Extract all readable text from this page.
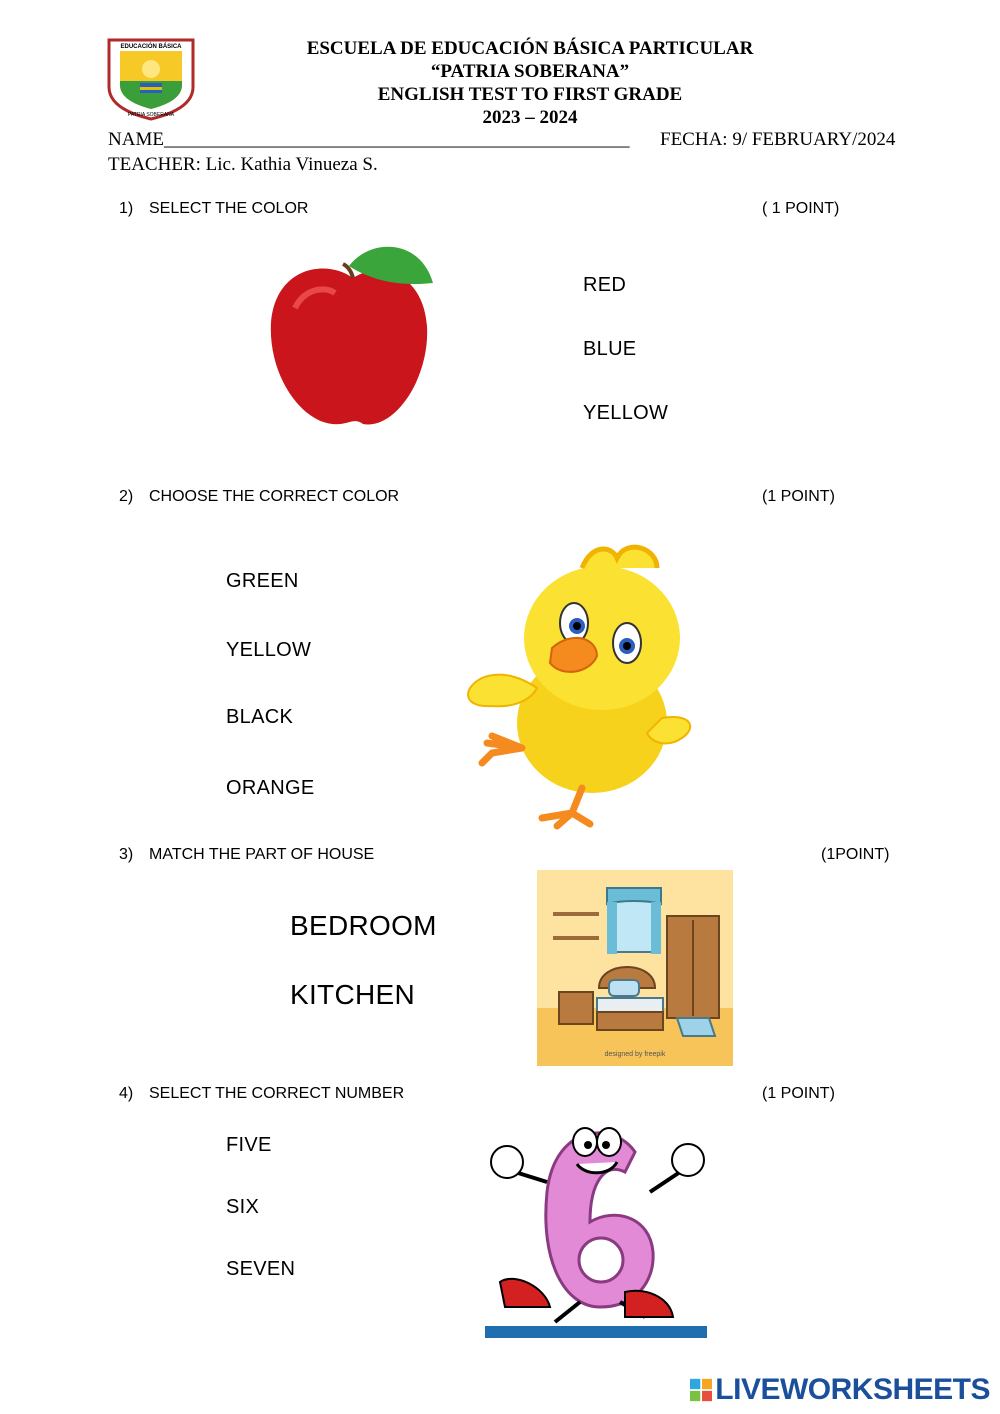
EDUCACIÓN BÁSICA
PATRIA SOBERANA
ESCUELA DE EDUCACIÓN BÁSICA PARTICULAR
“PATRIA SOBERANA”
ENGLISH TEST TO FIRST GRADE
2023 – 2024
NAME_________________________________________________ FECHA: 9/ FEBRUARY/2024
TEACHER: Lic. Kathia Vinueza S.
1) SELECT THE COLOR	( 1 POINT)
RED
BLUE
YELLOW
2) CHOOSE THE CORRECT COLOR	(1 POINT)
GREEN
YELLOW
BLACK
ORANGE
3) MATCH THE PART OF HOUSE	(1POINT)
BEDROOM
KITCHEN
designed by freepik
4) SELECT THE CORRECT NUMBER	(1 POINT)
FIVE
SIX
SEVEN
LIVEWORKSHEETS
